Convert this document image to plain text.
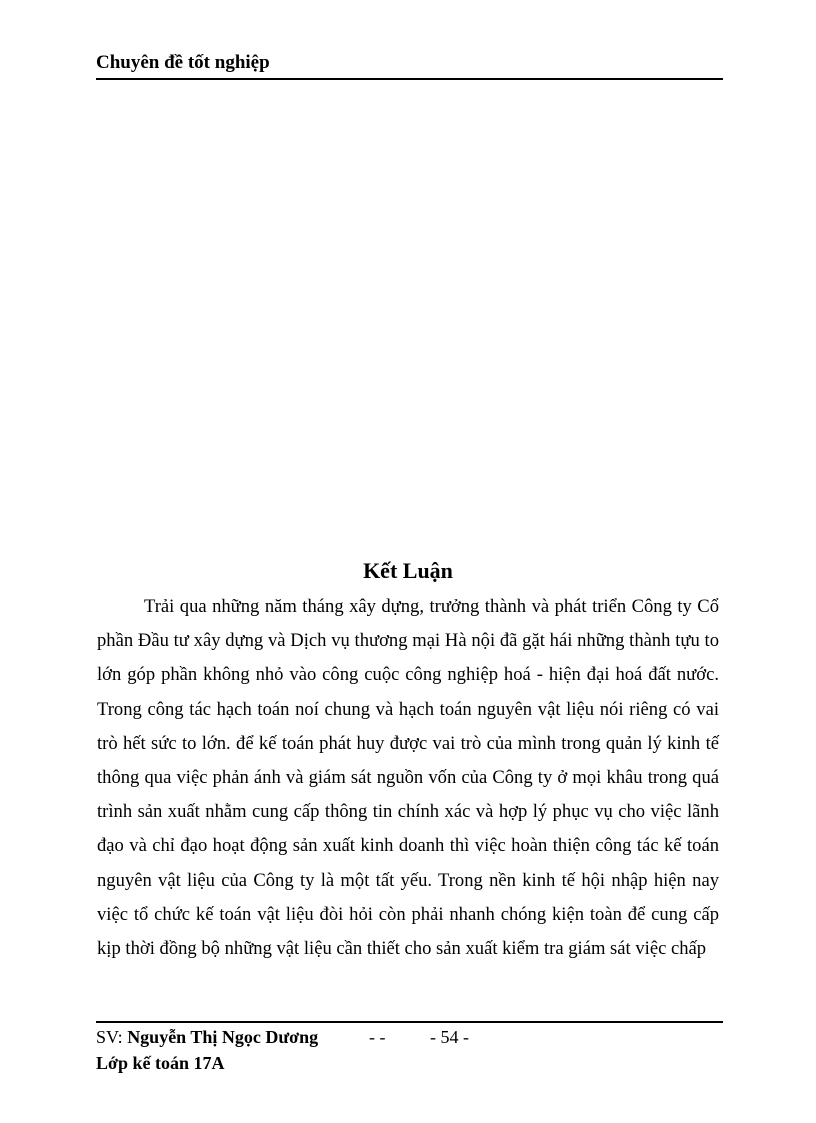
Chuyên đề tốt nghiệp
Kết Luận

Trải qua những năm tháng xây dựng, trưởng thành và phát triển Công ty Cổ phần Đầu tư xây dựng và Dịch vụ thương mại Hà nội đã gặt hái những thành tựu to lớn góp phần không nhỏ vào công cuộc công nghiệp hoá - hiện đại hoá đất nước. Trong công tác hạch toán noí chung và hạch toán nguyên vật liệu nói riêng có vai trò hết sức to lớn. để kế toán phát huy được vai trò của mình trong quản lý kinh tế thông qua việc phản ánh và giám sát nguồn vốn của Công ty ở mọi khâu trong quá trình sản xuất nhằm cung cấp thông tin chính xác và hợp lý phục vụ cho việc lãnh đạo và chỉ đạo hoạt động sản xuất kinh doanh thì việc hoàn thiện công tác kế toán nguyên vật liệu của Công ty là một tất yếu. Trong nền kinh tế hội nhập hiện nay việc tổ chức kế toán vật liệu đòi hỏi còn phải nhanh chóng kiện toàn để cung cấp kịp thời đồng bộ những vật liệu cần thiết cho sản xuất kiểm tra giám sát việc chấp

SV: Nguyễn Thị Ngọc Dương	- - - 54 -
Lớp kế toán 17A
